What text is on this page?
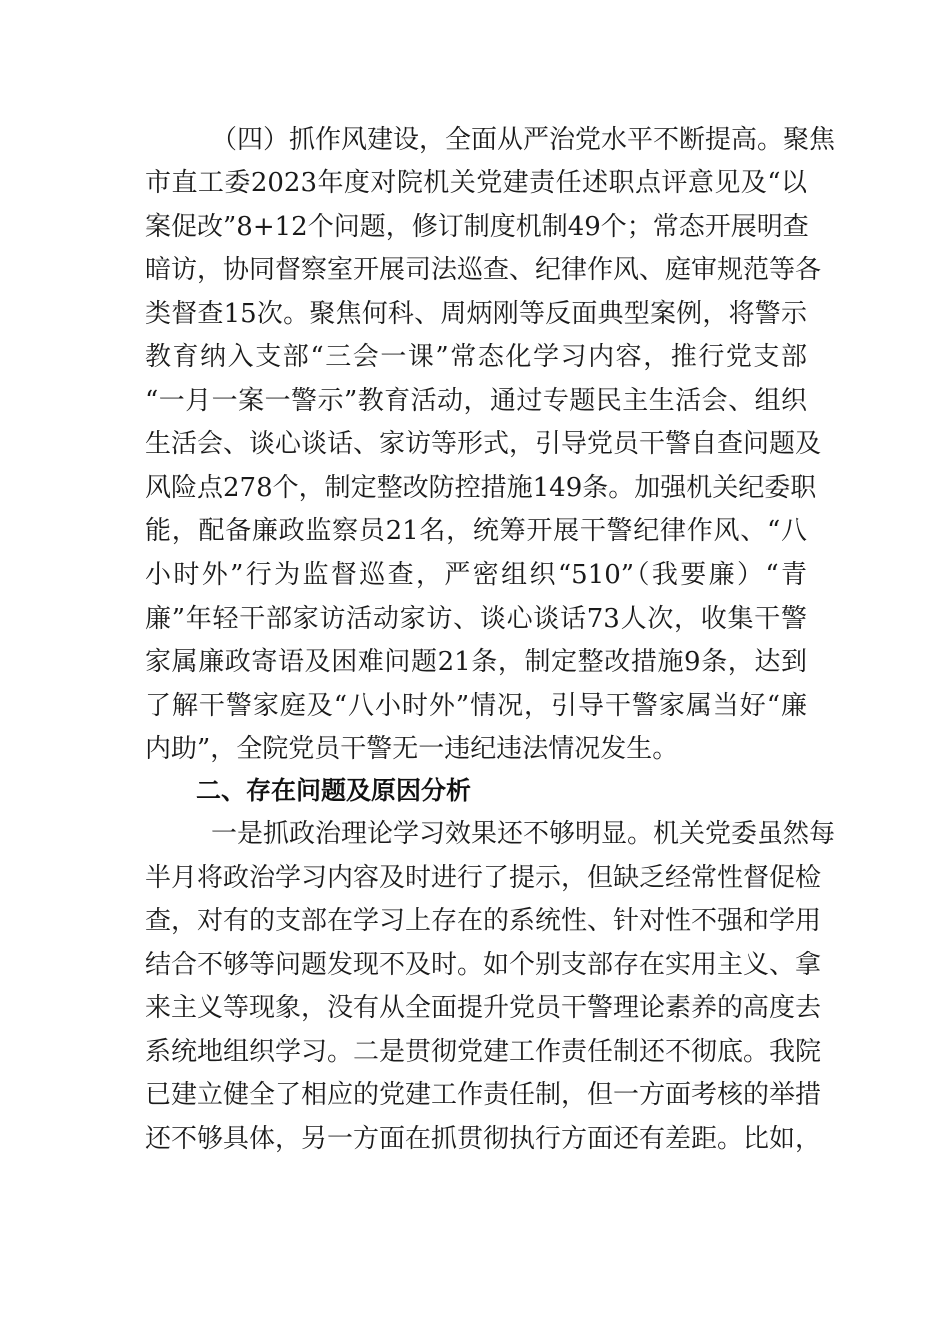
（四）抓作风建设，全面从严治党水平不断提高。聚焦
市直工委2023年度对院机关党建责任述职点评意见及“以
案促改”8+12个问题，修订制度机制49个；常态开展明查
暗访，协同督察室开展司法巡查、纪律作风、庭审规范等各
类督查15次。聚焦何科、周炳刚等反面典型案例，将警示
教育纳入支部“三会一课”常态化学习内容，推行党支部
“一月一案一警示”教育活动，通过专题民主生活会、组织
生活会、谈心谈话、家访等形式，引导党员干警自查问题及
风险点278个，制定整改防控措施149条。加强机关纪委职
能，配备廉政监察员21名，统筹开展干警纪律作风、“八
小时外”行为监督巡查，严密组织“510”（我要廉）“青
廉”年轻干部家访活动家访、谈心谈话73人次，收集干警
家属廉政寄语及困难问题21条，制定整改措施9条，达到
了解干警家庭及“八小时外”情况，引导干警家属当好“廉
内助”，全院党员干警无一违纪违法情况发生。
二、存在问题及原因分析
一是抓政治理论学习效果还不够明显。机关党委虽然每
半月将政治学习内容及时进行了提示，但缺乏经常性督促检
查，对有的支部在学习上存在的系统性、针对性不强和学用
结合不够等问题发现不及时。如个别支部存在实用主义、拿
来主义等现象，没有从全面提升党员干警理论素养的高度去
系统地组织学习。二是贯彻党建工作责任制还不彻底。我院
已建立健全了相应的党建工作责任制，但一方面考核的举措
还不够具体，另一方面在抓贯彻执行方面还有差距。比如，
